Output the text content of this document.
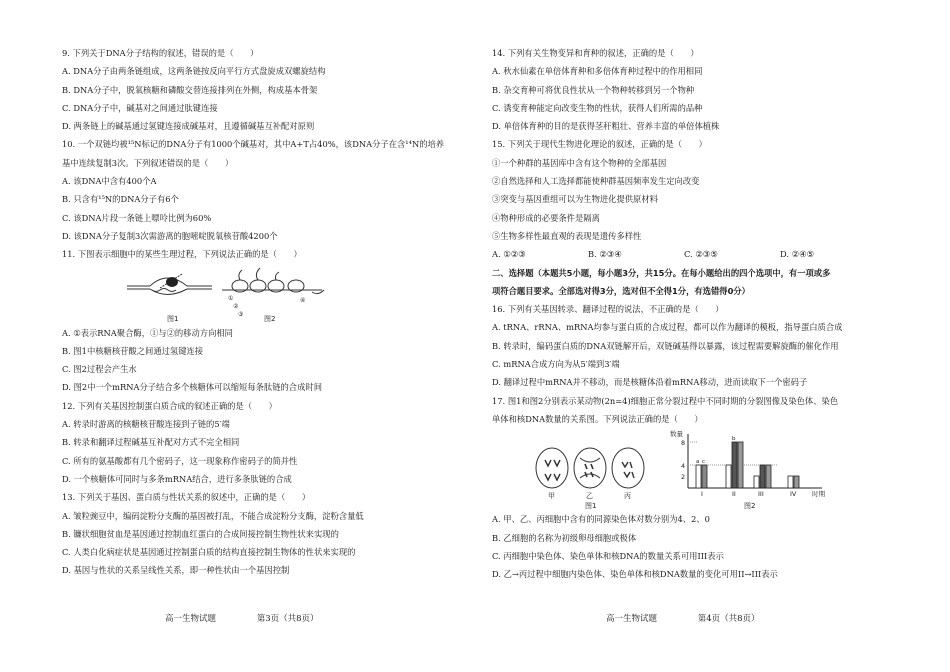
9. 下列关于DNA分子结构的叙述，错误的是（　　）
A. DNA分子由两条链组成，这两条链按反向平行方式盘旋成双螺旋结构
B. DNA分子中，脱氧核糖和磷酸交替连接排列在外侧，构成基本骨架
C. DNA分子中，碱基对之间通过肽键连接
D. 两条链上的碱基通过氢键连接成碱基对，且遵循碱基互补配对原则
10. 一个双链均被¹⁵N标记的DNA分子有1000个碱基对，其中A+T占40%，该DNA分子在含¹⁴N的培养
基中连续复制3次。下列叙述错误的是（　　）
A. 该DNA中含有400个A
B. 只含有¹⁵N的DNA分子有6个
C. 该DNA片段一条链上嘌呤比例为60%
D. 该DNA分子复制3次需游离的胞嘧啶脱氧核苷酸4200个
11. 下图表示细胞中的某些生理过程，下列说法正确的是（　　）
图1
①
②
③
④
图2
A. ①表示RNA聚合酶，①与②的移动方向相同
B. 图1中核糖核苷酸之间通过氢键连接
C. 图2过程会产生水
D. 图2中一个mRNA分子结合多个核糖体可以缩短每条肽链的合成时间
12. 下列有关基因控制蛋白质合成的叙述正确的是（　　）
A. 转录时游离的核糖核苷酸连接到子链的5′端
B. 转录和翻译过程碱基互补配对方式不完全相同
C. 所有的氨基酸都有几个密码子，这一现象称作密码子的简并性
D. 一个核糖体可同时与多条mRNA结合，进行多条肽链的合成
13. 下列关于基因、蛋白质与性状关系的叙述中，正确的是（　　）
A. 皱粒豌豆中，编码淀粉分支酶的基因被打乱，不能合成淀粉分支酶，淀粉含量低
B. 镰状细胞贫血是基因通过控制血红蛋白的合成间接控制生物性状来实现的
C. 人类白化病症状是基因通过控制蛋白质的结构直接控制生物体的性状来实现的
D. 基因与性状的关系呈线性关系，即一种性状由一个基因控制
高一生物试题	第3页（共8页）
14. 下列有关生物变异和育种的叙述，正确的是（　　）
A. 秋水仙素在单倍体育种和多倍体育种过程中的作用相同
B. 杂交育种可将优良性状从一个物种转移到另一个物种
C. 诱变育种能定向改变生物的性状，获得人们所需的品种
D. 单倍体育种的目的是获得茎秆粗壮、营养丰富的单倍体植株
15. 下列关于现代生物进化理论的叙述，正确的是（　　）
①一个种群的基因库中含有这个物种的全部基因
②自然选择和人工选择都能使种群基因频率发生定向改变
③突变与基因重组可以为生物进化提供原材料
④物种形成的必要条件是隔离
⑤生物多样性最直观的表现是遗传多样性
A. ①②③	B. ②③④	C. ②③⑤	D. ②④⑤
二、选择题（本题共5小题，每小题3分，共15分。在每小题给出的四个选项中，有一项或多
项符合题目要求。全部选对得3分，选对但不全得1分，有选错得0分）
16. 下列有关基因转录、翻译过程的说法，不正确的是（　　）
A. tRNA、rRNA、mRNA均参与蛋白质的合成过程，都可以作为翻译的模板，指导蛋白质合成
B. 转录时，编码蛋白质的DNA双链解开后，双链碱基得以暴露，该过程需要解旋酶的催化作用
C. mRNA合成方向为从5′端到3′端
D. 翻译过程中mRNA并不移动，而是核糖体沿着mRNA移动，进而读取下一个密码子
17. 图1和图2分别表示某动物(2n=4)细胞正常分裂过程中不同时期的分裂图像及染色体、染色
单体和核DNA数量的关系图。下列说法正确的是（　　）
甲	乙	丙
图1
数量
8
4
2
a c
b
I	II	III	IV 时期
图2
A. 甲、乙、丙细胞中含有的同源染色体对数分别为4、2、0
B. 乙细胞的名称为初级卵母细胞或极体
C. 丙细胞中染色体、染色单体和核DNA的数量关系可用III表示
D. 乙→丙过程中细胞内染色体、染色单体和核DNA数量的变化可用II→III表示
高一生物试题	第4页（共8页）
